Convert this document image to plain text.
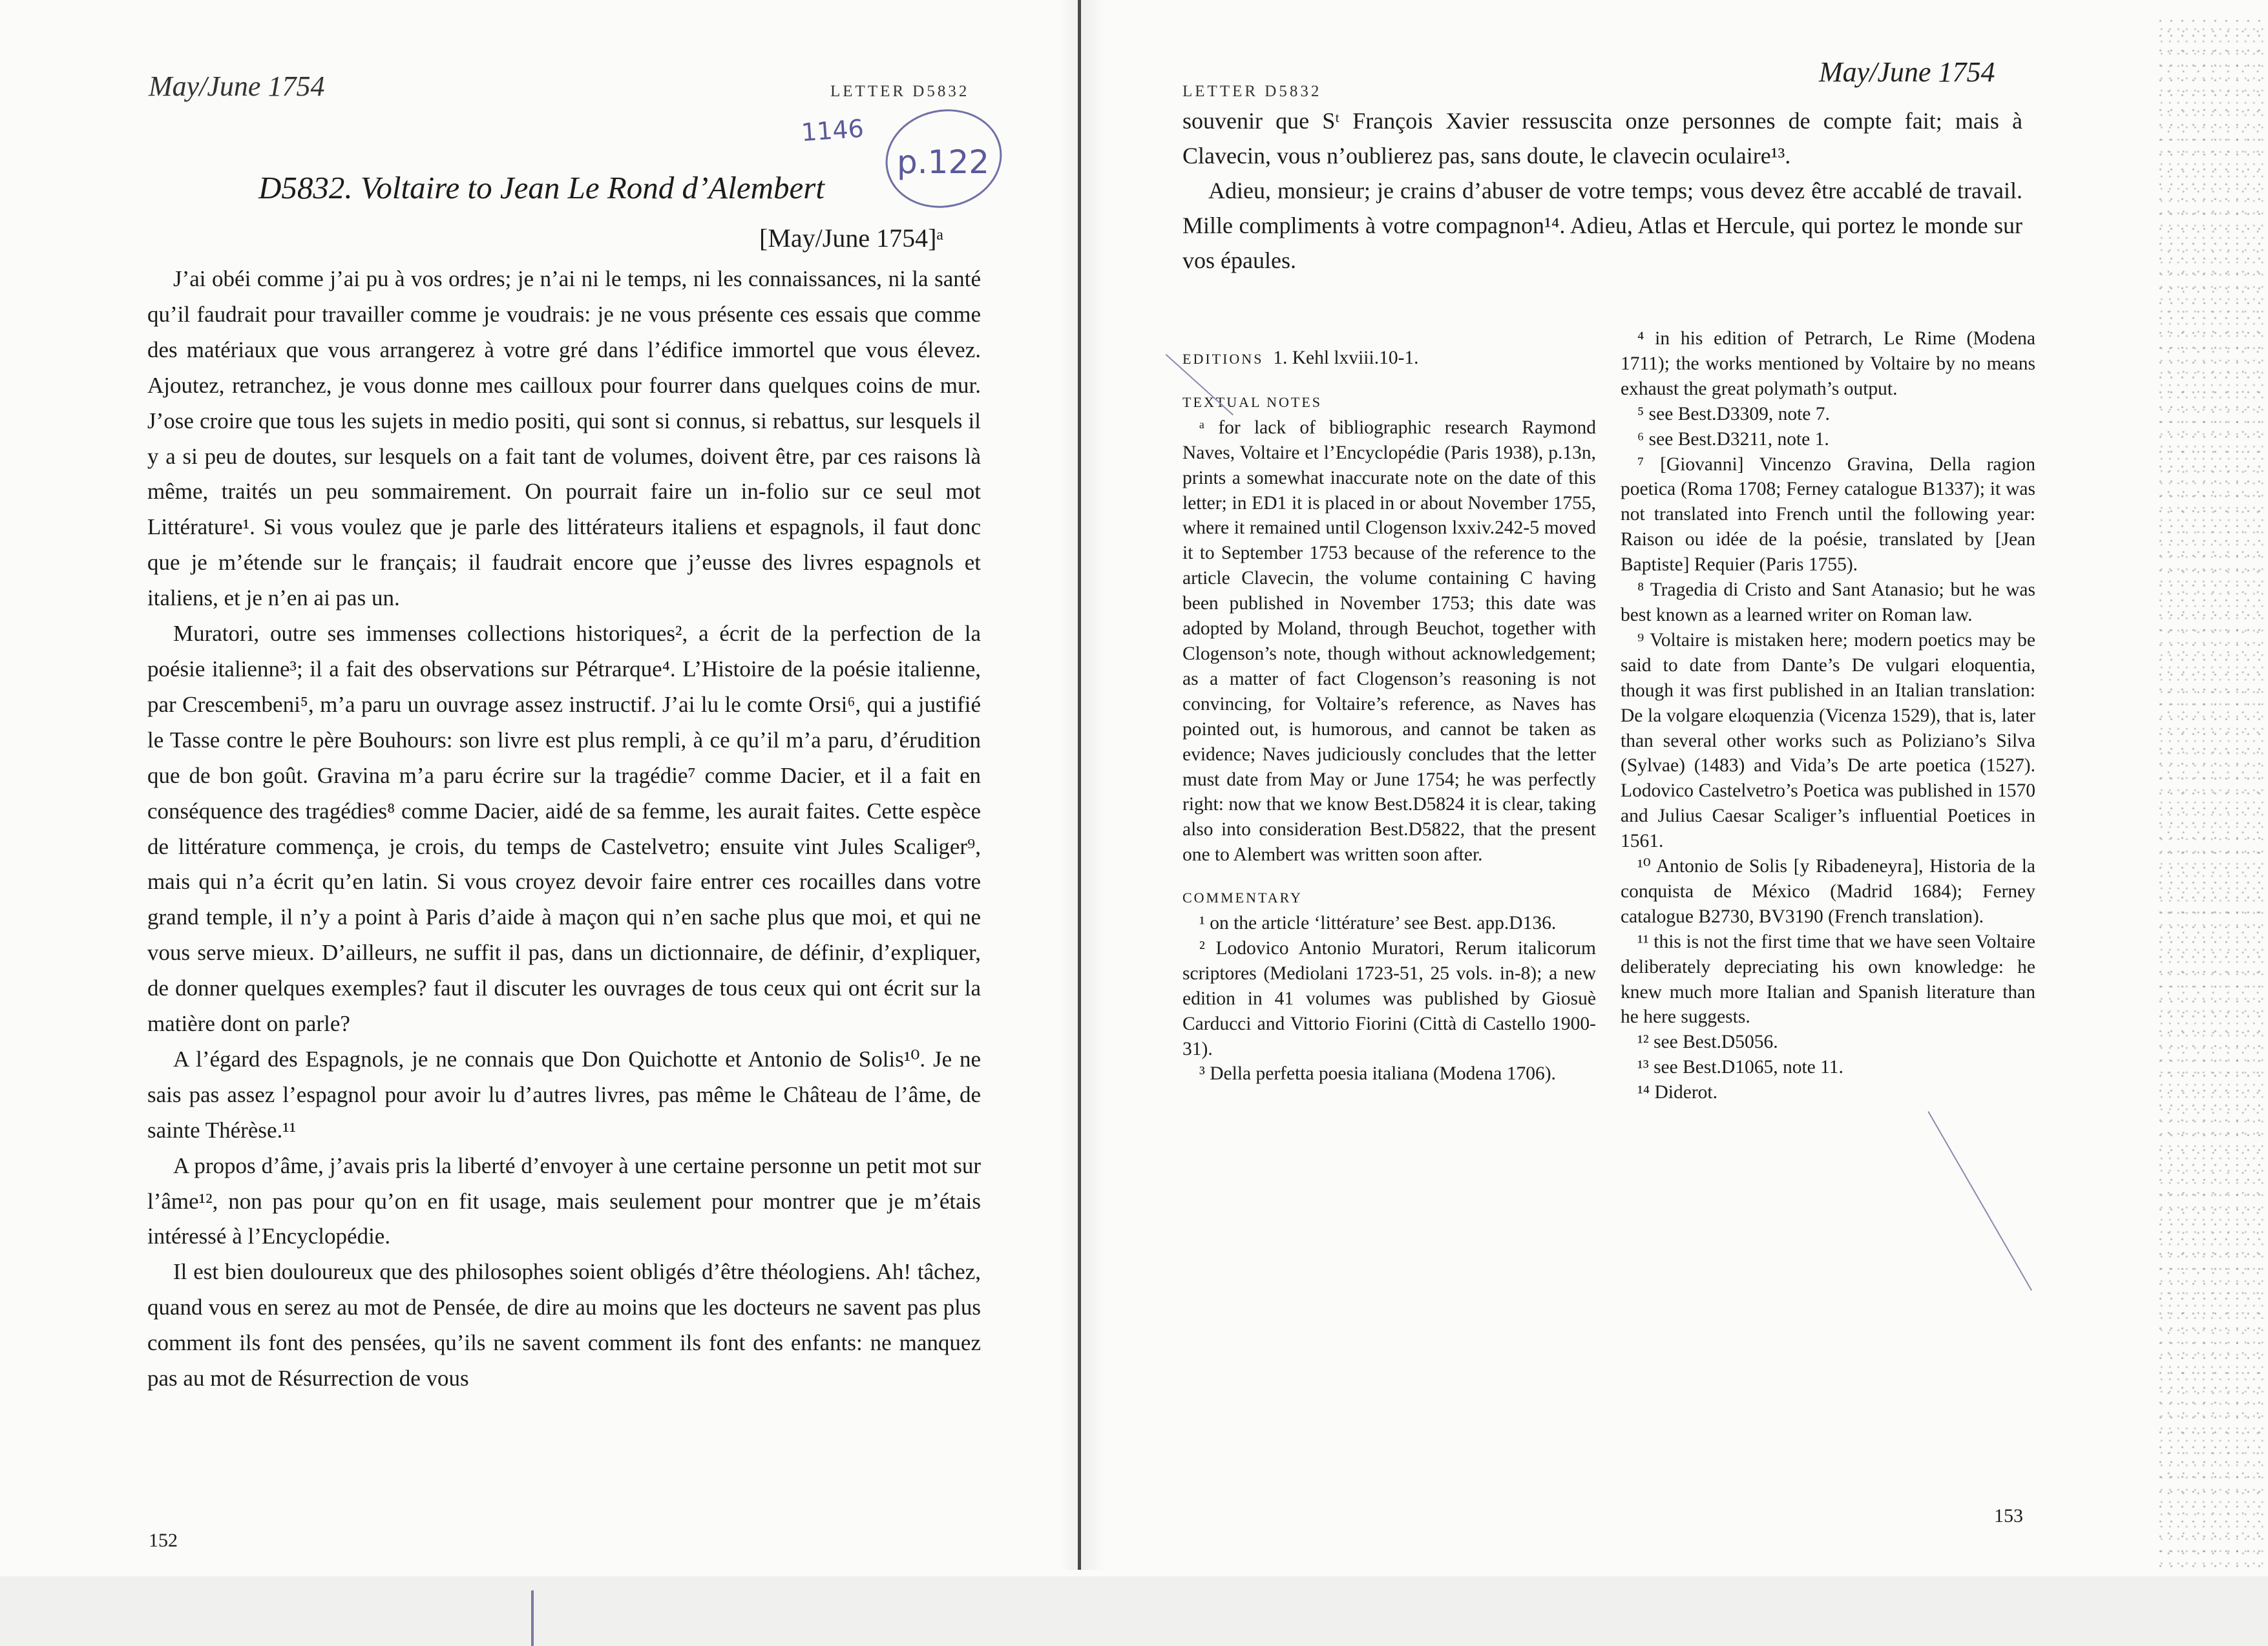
May/June 1754	LETTER D5832
1146
p.122
D5832. Voltaire to Jean Le Rond d’Alembert
[May/June 1754]ᵃ

J’ai obéi comme j’ai pu à vos ordres; je n’ai ni le temps, ni les connaissances, ni la santé qu’il faudrait pour travailler comme je voudrais: je ne vous présente ces essais que comme des matériaux que vous arrangerez à votre gré dans l’édifice immortel que vous élevez. Ajoutez, retranchez, je vous donne mes cailloux pour fourrer dans quelques coins de mur. J’ose croire que tous les sujets in medio positi, qui sont si connus, si rebattus, sur lesquels il y a si peu de doutes, sur lesquels on a fait tant de volumes, doivent être, par ces raisons là même, traités un peu sommairement. On pourrait faire un in-folio sur ce seul mot Littérature¹. Si vous voulez que je parle des littérateurs italiens et espagnols, il faut donc que je m’étende sur le français; il faudrait encore que j’eusse des livres espagnols et italiens, et je n’en ai pas un.

Muratori, outre ses immenses collections historiques², a écrit de la perfection de la poésie italienne³; il a fait des observations sur Pétrarque⁴. L’Histoire de la poésie italienne, par Crescembeni⁵, m’a paru un ouvrage assez instructif. J’ai lu le comte Orsi⁶, qui a justifié le Tasse contre le père Bouhours: son livre est plus rempli, à ce qu’il m’a paru, d’érudition que de bon goût. Gravina m’a paru écrire sur la tragédie⁷ comme Dacier, et il a fait en conséquence des tragédies⁸ comme Dacier, aidé de sa femme, les aurait faites. Cette espèce de littérature commença, je crois, du temps de Castelvetro; ensuite vint Jules Scaliger⁹, mais qui n’a écrit qu’en latin. Si vous croyez devoir faire entrer ces rocailles dans votre grand temple, il n’y a point à Paris d’aide à maçon qui n’en sache plus que moi, et qui ne vous serve mieux. D’ailleurs, ne suffit il pas, dans un dictionnaire, de définir, d’expliquer, de donner quelques exemples? faut il discuter les ouvrages de tous ceux qui ont écrit sur la matière dont on parle?

A l’égard des Espagnols, je ne connais que Don Quichotte et Antonio de Solis¹⁰. Je ne sais pas assez l’espagnol pour avoir lu d’autres livres, pas même le Château de l’âme, de sainte Thérèse.¹¹

A propos d’âme, j’avais pris la liberté d’envoyer à une certaine personne un petit mot sur l’âme¹², non pas pour qu’on en fit usage, mais seulement pour montrer que je m’étais intéressé à l’Encyclopédie.

Il est bien douloureux que des philosophes soient obligés d’être théologiens. Ah! tâchez, quand vous en serez au mot de Pensée, de dire au moins que les docteurs ne savent pas plus comment ils font des pensées, qu’ils ne savent comment ils font des enfants: ne manquez pas au mot de Résurrection de vous

152
LETTER D5832
May/June 1754

souvenir que Sᵗ François Xavier ressuscita onze personnes de compte fait; mais à Clavecin, vous n’oublierez pas, sans doute, le clavecin oculaire¹³.

Adieu, monsieur; je crains d’abuser de votre temps; vous devez être accablé de travail. Mille compliments à votre compagnon¹⁴. Adieu, Atlas et Hercule, qui portez le monde sur vos épaules.

EDITIONS 1. Kehl lxviii.10-1.

TEXTUAL NOTES

ᵃ for lack of bibliographic research Raymond Naves, Voltaire et l’Encyclopédie (Paris 1938), p.13n, prints a somewhat inaccurate note on the date of this letter; in ED1 it is placed in or about November 1755, where it remained until Clogenson lxxiv.242-5 moved it to September 1753 because of the reference to the article Clavecin, the volume containing C having been published in November 1753; this date was adopted by Moland, through Beuchot, together with Clogenson’s note, though without acknowledgement; as a matter of fact Clogenson’s reasoning is not convincing, for Voltaire’s reference, as Naves has pointed out, is humorous, and cannot be taken as evidence; Naves judiciously concludes that the letter must date from May or June 1754; he was perfectly right: now that we know Best.D5824 it is clear, taking also into consideration Best.D5822, that the present one to Alembert was written soon after.

COMMENTARY

¹ on the article ‘littérature’ see Best. app.D136.

² Lodovico Antonio Muratori, Rerum italicorum scriptores (Mediolani 1723-51, 25 vols. in-8); a new edition in 41 volumes was published by Giosuè Carducci and Vittorio Fiorini (Città di Castello 1900-31).

³ Della perfetta poesia italiana (Modena 1706).

⁴ in his edition of Petrarch, Le Rime (Modena 1711); the works mentioned by Voltaire by no means exhaust the great polymath’s output.

⁵ see Best.D3309, note 7.

⁶ see Best.D3211, note 1.

⁷ [Giovanni] Vincenzo Gravina, Della ragion poetica (Roma 1708; Ferney catalogue B1337); it was not translated into French until the following year: Raison ou idée de la poésie, translated by [Jean Baptiste] Requier (Paris 1755).

⁸ Tragedia di Cristo and Sant Atanasio; but he was best known as a learned writer on Roman law.

⁹ Voltaire is mistaken here; modern poetics may be said to date from Dante’s De vulgari eloquentia, though it was first published in an Italian translation: De la volgare elωquenzia (Vicenza 1529), that is, later than several other works such as Poliziano’s Silva (Sylvae) (1483) and Vida’s De arte poetica (1527). Lodovico Castelvetro’s Poetica was published in 1570 and Julius Caesar Scaliger’s influential Poetices in 1561.

¹⁰ Antonio de Solis [y Ribadeneyra], Historia de la conquista de México (Madrid 1684); Ferney catalogue B2730, BV3190 (French translation).

¹¹ this is not the first time that we have seen Voltaire deliberately depreciating his own knowledge: he knew much more Italian and Spanish literature than he here suggests.

¹² see Best.D5056.

¹³ see Best.D1065, note 11.

¹⁴ Diderot.

153
